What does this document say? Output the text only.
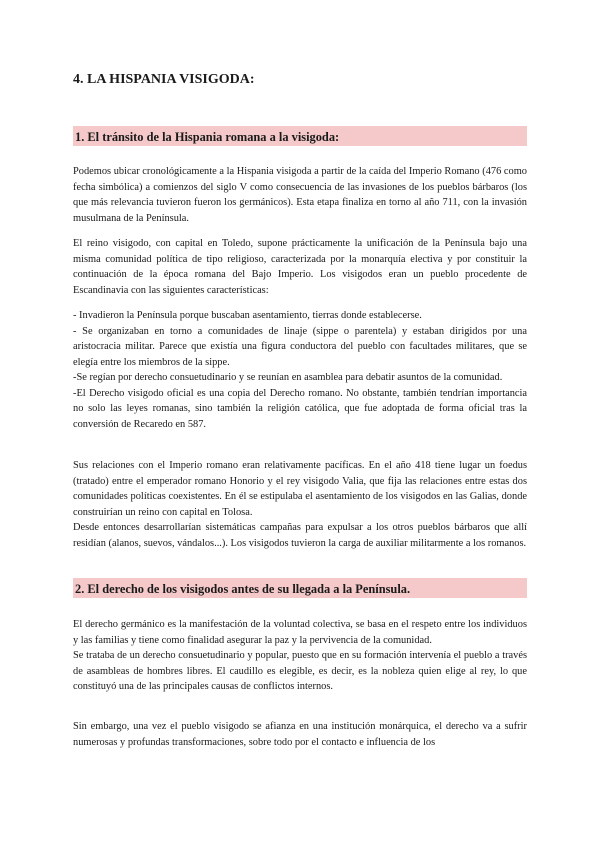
4. LA HISPANIA VISIGODA:
1. El tránsito de la Hispania romana a la visigoda:

Podemos ubicar cronológicamente a la Hispania visigoda a partir de la caída del Imperio Romano (476 como fecha simbólica) a comienzos del siglo V como consecuencia de las invasiones de los pueblos bárbaros (los que más relevancia tuvieron fueron los germánicos). Esta etapa finaliza en torno al año 711, con la invasión musulmana de la Península.

El reino visigodo, con capital en Toledo, supone prácticamente la unificación de la Península bajo una misma comunidad política de tipo religioso, caracterizada por la monarquía electiva y por constituir la continuación de la época romana del Bajo Imperio. Los visigodos eran un pueblo procedente de Escandinavia con las siguientes características:

- Invadieron la Península porque buscaban asentamiento, tierras donde establecerse.
- Se organizaban en torno a comunidades de linaje (sippe o parentela) y estaban dirigidos por una aristocracia militar. Parece que existía una figura conductora del pueblo con facultades militares, que se elegía entre los miembros de la sippe.
-Se regían por derecho consuetudinario y se reunían en asamblea para debatir asuntos de la comunidad.
-El Derecho visigodo oficial es una copia del Derecho romano. No obstante, también tendrían importancia no solo las leyes romanas, sino también la religión católica, que fue adoptada de forma oficial tras la conversión de Recaredo en 587.

Sus relaciones con el Imperio romano eran relativamente pacíficas. En el año 418 tiene lugar un foedus (tratado) entre el emperador romano Honorio y el rey visigodo Valia, que fija las relaciones entre estas dos comunidades políticas coexistentes. En él se estipulaba el asentamiento de los visigodos en las Galias, donde construirían un reino con capital en Tolosa.
Desde entonces desarrollarían sistemáticas campañas para expulsar a los otros pueblos bárbaros que allí residían (alanos, suevos, vándalos...). Los visigodos tuvieron la carga de auxiliar militarmente a los romanos.

2. El derecho de los visigodos antes de su llegada a la Península.

El derecho germánico es la manifestación de la voluntad colectiva, se basa en el respeto entre los individuos y las familias y tiene como finalidad asegurar la paz y la pervivencia de la comunidad.
Se trataba de un derecho consuetudinario y popular, puesto que en su formación intervenía el pueblo a través de asambleas de hombres libres. El caudillo es elegible, es decir, es la nobleza quien elige al rey, lo que constituyó una de las principales causas de conflictos internos.

Sin embargo, una vez el pueblo visigodo se afianza en una institución monárquica, el derecho va a sufrir numerosas y profundas transformaciones, sobre todo por el contacto e influencia de los
